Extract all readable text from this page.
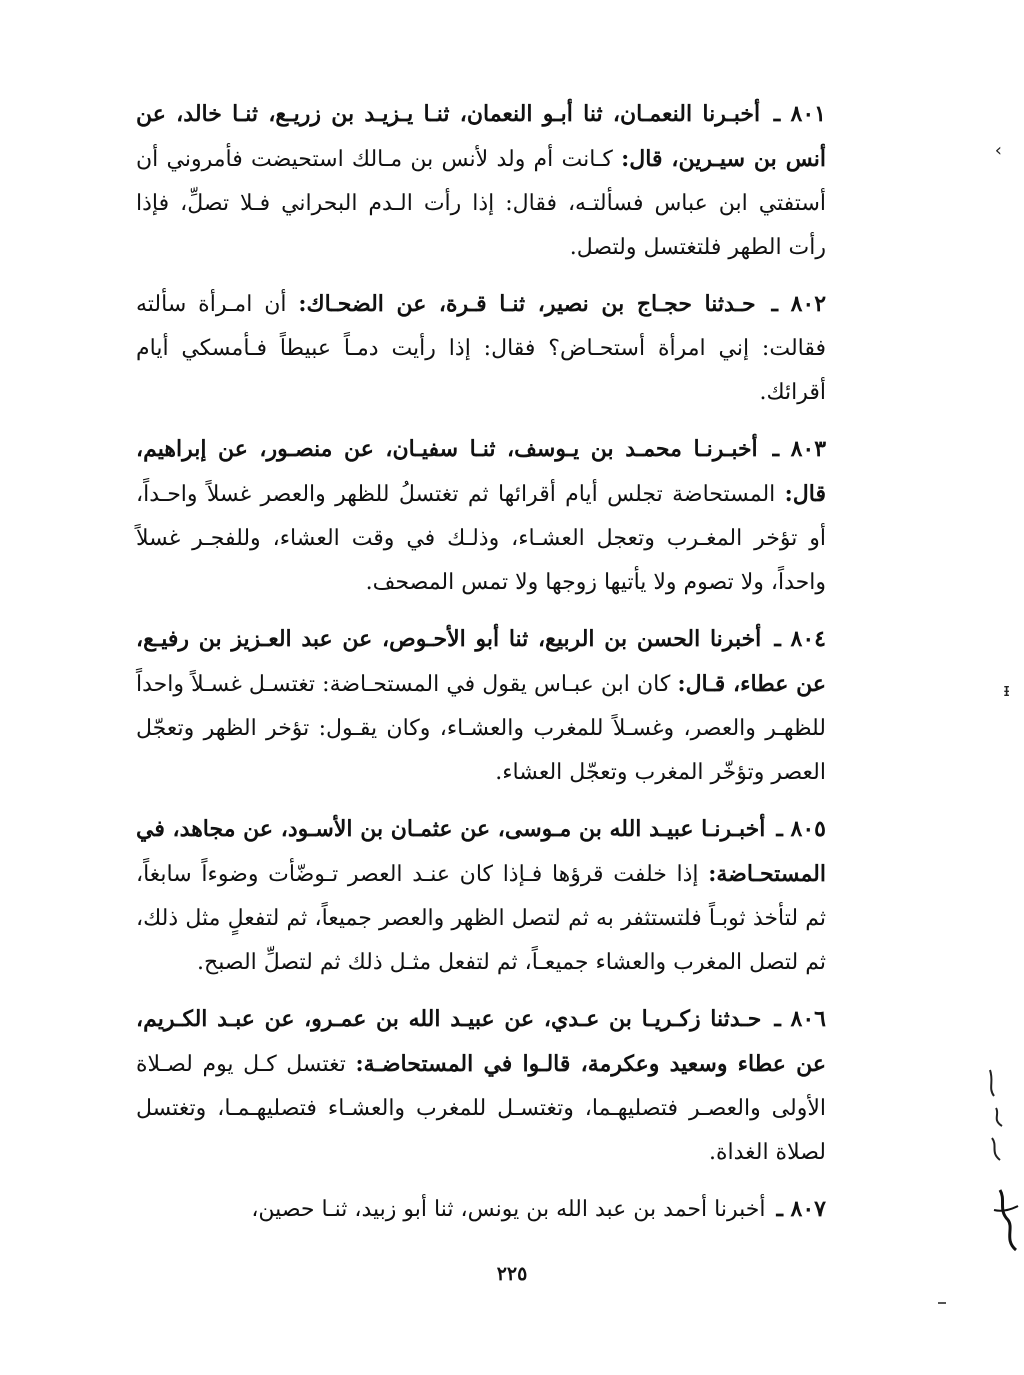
٨٠١ ـ أخبـرنا النعمـان، ثنا أبـو النعمان، ثنـا يـزيـد بن زريـع، ثنـا خالد، عن أنس بن سيـرين، قال: كـانت أم ولد لأنس بن مـالك استحيضت فأمروني أن أستفتي ابن عباس فسألتـه، فقال: إذا رأت الـدم البحراني فـلا تصلِّ، فإذا رأت الطهر فلتغتسل ولتصل.

٨٠٢ ـ حـدثنا حجـاج بن نصير، ثنـا قـرة، عن الضحـاك: أن امـرأة سألته فقالت: إني امرأة أستحـاض؟ فقال: إذا رأيت دمـاً عبيطاً فـأمسكي أيام أقرائك.

٨٠٣ ـ أخبـرنـا محمـد بن يـوسف، ثنـا سفيـان، عن منصـور، عن إبراهيم، قال: المستحاضة تجلس أيام أقرائها ثم تغتسلُ للظهر والعصر غسلاً واحـداً، أو تؤخر المغـرب وتعجل العشـاء، وذلـك في وقت العشاء، وللفجـر غسلاً واحداً، ولا تصوم ولا يأتيها زوجها ولا تمس المصحف.

٨٠٤ ـ أخبرنا الحسن بن الربيع، ثنا أبو الأحـوص، عن عبد العـزيز بن رفيـع، عن عطاء، قـال: كان ابن عبـاس يقول في المستحـاضة: تغتسـل غسـلاً واحداً للظهـر والعصر، وغسـلاً للمغرب والعشـاء، وكان يقـول: تؤخر الظهر وتعجّل العصر وتؤخّر المغرب وتعجّل العشاء.

٨٠٥ ـ أخبـرنـا عبيـد الله بن مـوسى، عن عثمـان بن الأسـود، عن مجاهد، في المستحـاضة: إذا خلفت قرؤها فـإذا كان عنـد العصر تـوضّأت وضوءاً سابغاً، ثم لتأخذ ثوبـاً فلتستثفر به ثم لتصل الظهر والعصر جميعاً، ثم لتفعلٍ مثل ذلك، ثم لتصل المغرب والعشاء جميعـاً، ثم لتفعل مثـل ذلك ثم لتصلِّ الصبح.

٨٠٦ ـ حـدثنا زكـريـا بن عـدي، عن عبيـد الله بن عمـرو، عن عبـد الكـريم، عن عطاء وسعيد وعكرمة، قالـوا في المستحاضـة: تغتسل كـل يوم لصـلاة الأولى والعصـر فتصليهـما، وتغتسـل للمغرب والعشـاء فتصليهـمـا، وتغتسل لصلاة الغداة.

٨٠٧ ـ أخبرنا أحمد بن عبد الله بن يونس، ثنا أبو زبيد، ثنـا حصين،

٢٢٥
›
ᵻ
